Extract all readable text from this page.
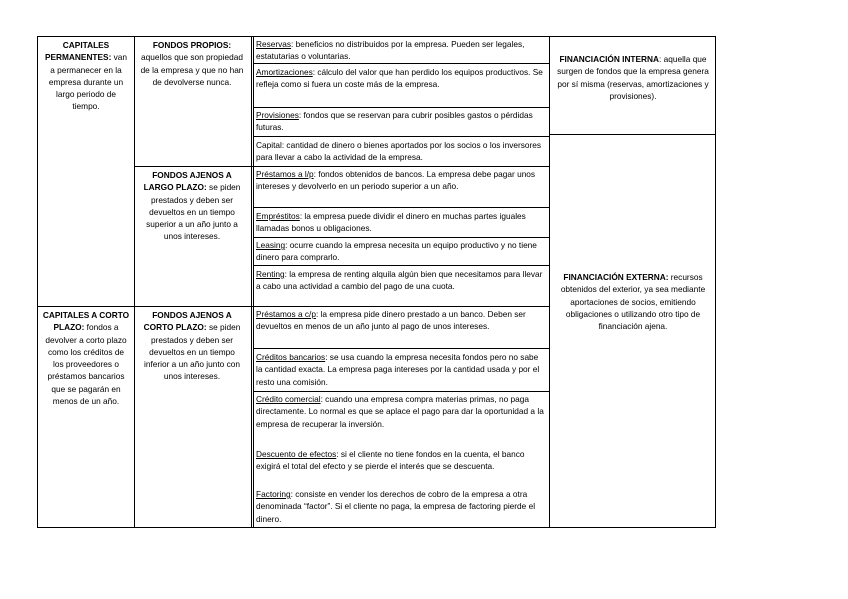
CAPITALES PERMANENTES: van a permanecer en la empresa durante un largo periodo de tiempo.
CAPITALES A CORTO PLAZO: fondos a devolver a corto plazo como los créditos de los proveedores o préstamos bancarios que se pagarán en menos de un año.
FONDOS PROPIOS: aquellos que son propiedad de la empresa y que no han de devolverse nunca.
FONDOS AJENOS A LARGO PLAZO: se piden prestados y deben ser devueltos en un tiempo superior a un año junto a unos intereses.
FONDOS AJENOS A CORTO PLAZO: se piden prestados y deben ser devueltos en un tiempo inferior a un año junto con unos intereses.
Reservas: beneficios no distribuidos por la empresa. Pueden ser legales, estatutarias o voluntarias.
Amortizaciones: cálculo del valor que han perdido los equipos productivos. Se refleja como si fuera un coste más de la empresa.
Provisiones: fondos que se reservan para cubrir posibles gastos o pérdidas futuras.
Capital: cantidad de dinero o bienes aportados por los socios o los inversores para llevar a cabo la actividad de la empresa.
Préstamos a l/p: fondos obtenidos de bancos. La empresa debe pagar unos intereses y devolverlo en un periodo superior a un año.
Empréstitos: la empresa puede dividir el dinero en muchas partes iguales llamadas bonos u obligaciones.
Leasing: ocurre cuando la empresa necesita un equipo productivo y no tiene dinero para comprarlo.
Renting: la empresa de renting alquila algún bien que necesitamos para llevar a cabo una actividad a cambio del pago de una cuota.
Préstamos a c/p: la empresa pide dinero prestado a un banco. Deben ser devueltos en menos de un año junto al pago de unos intereses.
Créditos bancarios: se usa cuando la empresa necesita fondos pero no sabe la cantidad exacta. La empresa paga intereses por la cantidad usada y por el resto una comisión.
Crédito comercial: cuando una empresa compra materias primas, no paga directamente. Lo normal es que se aplace el pago para dar la oportunidad a la empresa de recuperar la inversión.
Descuento de efectos: si el cliente no tiene fondos en la cuenta, el banco exigirá el total del efecto y se pierde el interés que se descuenta.
Factoring: consiste en vender los derechos de cobro de la empresa a otra denominada “factor”. Si el cliente no paga, la empresa de factoring pierde el dinero.
FINANCIACIÓN INTERNA: aquella que surgen de fondos que la empresa genera por sí misma (reservas, amortizaciones y provisiones).
FINANCIACIÓN EXTERNA: recursos obtenidos del exterior, ya sea mediante aportaciones de socios, emitiendo obligaciones o utilizando otro tipo de financiación ajena.
